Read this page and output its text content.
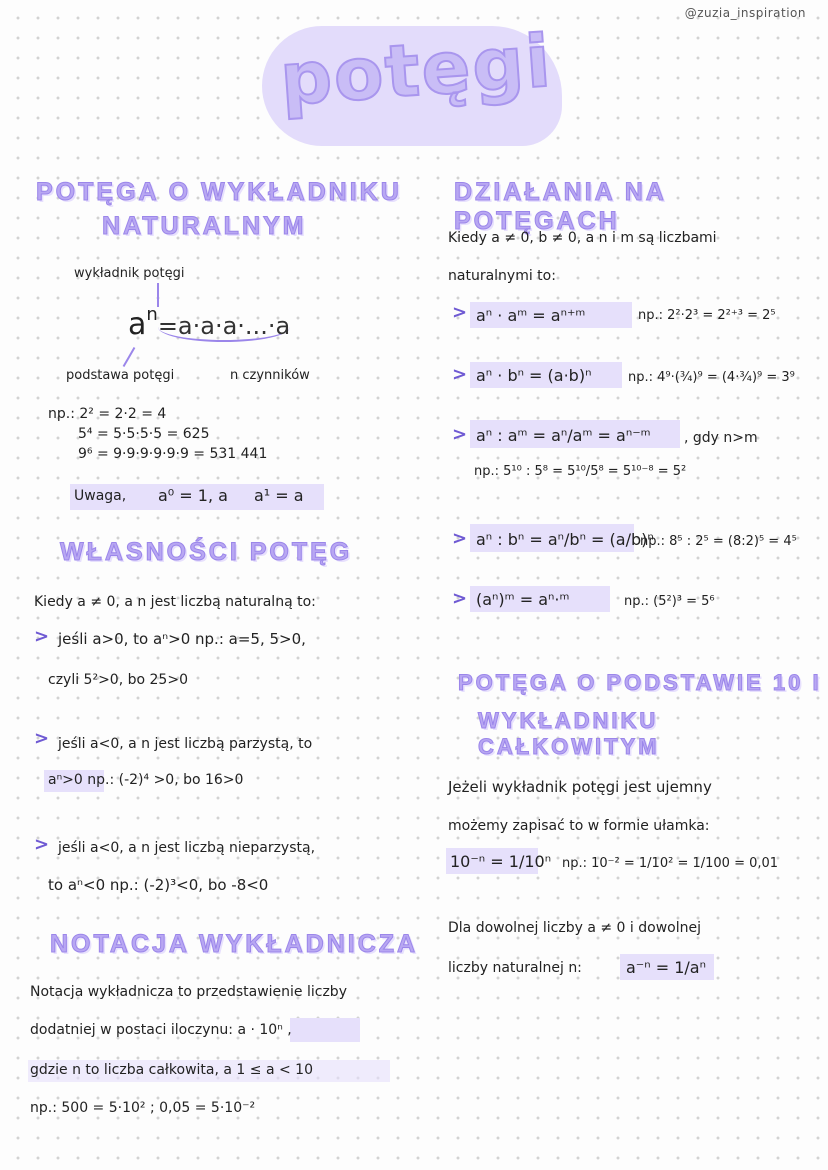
@zuzia_inspiration
potęgi
POTĘGA O WYKŁADNIKU
NATURALNYM
wykładnik potęgi
$a^n=a\cdot a\cdot a\cdot...\cdot a$
podstawa potęgi	n czynników
np.: 2² = 2·2 = 4
5⁴ = 5·5·5·5 = 625
9⁶ = 9·9·9·9·9·9 = 531 441
Uwaga, a⁰ = 1, a a¹ = a
WŁASNOŚCI POTĘG
Kiedy a ≠ 0, a n jest liczbą naturalną to:
> jeśli a>0, to aⁿ>0 np.: a=5, 5>0,
czyli 5²>0, bo 25>0
> jeśli a<0, a n jest liczbą parzystą, to
aⁿ>0 np.: (-2)⁴ >0, bo 16>0
> jeśli a<0, a n jest liczbą nieparzystą,
to aⁿ<0 np.: (-2)³<0, bo -8<0
NOTACJA WYKŁADNICZA
Notacja wykładnicza to przedstawienie liczby
dodatniej w postaci iloczynu: a · 10ⁿ ,
gdzie n to liczba całkowita, a 1 ≤ a < 10
np.: 500 = 5·10² ; 0,05 = 5·10⁻²
DZIAŁANIA NA POTĘGACH
Kiedy a ≠ 0, b ≠ 0, a n i m są liczbami
naturalnymi to:
> aⁿ · aᵐ = aⁿ⁺ᵐ	np.: 2²·2³ = 2²⁺³ = 2⁵
> aⁿ · bⁿ = (a·b)ⁿ	np.: 4⁹·(¾)⁹ = (4·¾)⁹ = 3⁹
> aⁿ : aᵐ = aⁿ/aᵐ = aⁿ⁻ᵐ , gdy n>m
np.: 5¹⁰ : 5⁸ = 5¹⁰/5⁸ = 5¹⁰⁻⁸ = 5²
> aⁿ : bⁿ = aⁿ/bⁿ = (a/b)ⁿ
np.: 8⁵ : 2⁵ = (8:2)⁵ = 4⁵
> (aⁿ)ᵐ = aⁿ·ᵐ	np.: (5²)³ = 5⁶
POTĘGA O PODSTAWIE 10 I
WYKŁADNIKU CAŁKOWITYM
Jeżeli wykładnik potęgi jest ujemny
możemy zapisać to w formie ułamka:
10⁻ⁿ = 1/10ⁿ np.: 10⁻² = 1/10² = 1/100 = 0,01
Dla dowolnej liczby a ≠ 0 i dowolnej
liczby naturalnej n:	a⁻ⁿ = 1/aⁿ
